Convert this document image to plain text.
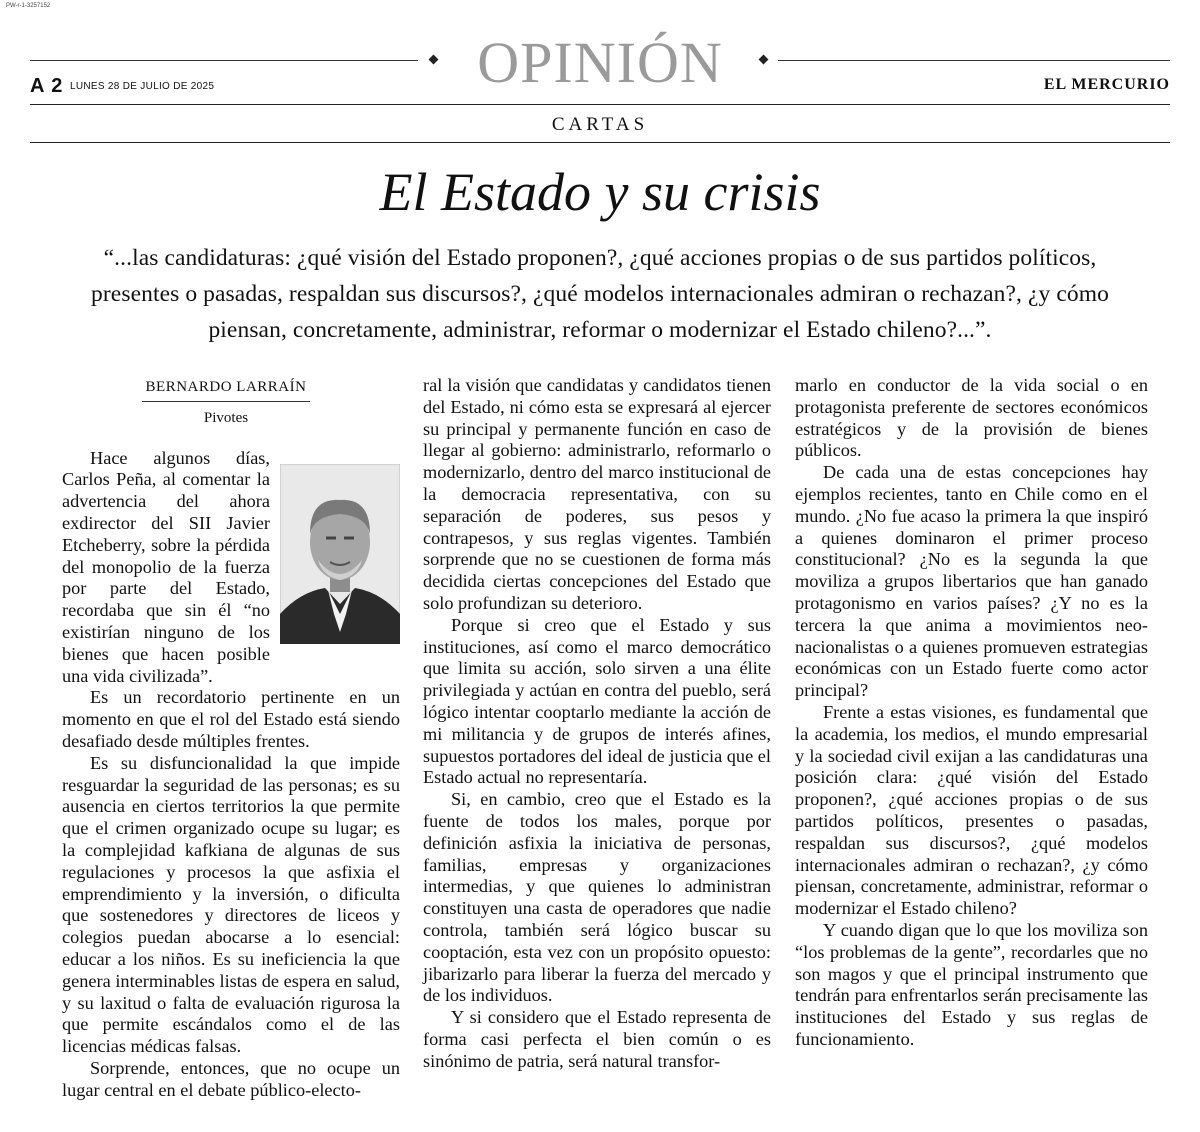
PW-r-1-3257152
OPINIÓN
A 2 LUNES 28 DE JULIO DE 2025	EL MERCURIO
CARTAS
El Estado y su crisis
“...las candidaturas: ¿qué visión del Estado proponen?, ¿qué acciones propias o de sus partidos políticos, presentes o pasadas, respaldan sus discursos?, ¿qué modelos internacionales admiran o rechazan?, ¿y cómo piensan, concretamente, administrar, reformar o modernizar el Estado chileno?...”.
BERNARDO LARRAÍN
Pivotes

Hace algunos días, Carlos Peña, al comentar la advertencia del ahora exdirector del SII Javier Etcheberry, sobre la pérdida del monopolio de la fuerza por parte del Estado, recordaba que sin él “no existirían ninguno de los bienes que hacen posible una vida civilizada”.

Es un recordatorio pertinente en un momento en que el rol del Estado está siendo desafiado desde múltiples frentes.

Es su disfuncionalidad la que impide resguardar la seguridad de las personas; es su ausencia en ciertos territorios la que permite que el crimen organizado ocupe su lugar; es la complejidad kafkiana de algunas de sus regulaciones y procesos la que asfixia el emprendimiento y la inversión, o dificulta que sostenedores y directores de liceos y colegios puedan abocarse a lo esencial: educar a los niños. Es su ineficiencia la que genera interminables listas de espera en salud, y su laxitud o falta de evaluación rigurosa la que permite escándalos como el de las licencias médicas falsas.

Sorprende, entonces, que no ocupe un lugar central en el debate público-electo-

ral la visión que candidatas y candidatos tienen del Estado, ni cómo esta se expresará al ejercer su principal y permanente función en caso de llegar al gobierno: administrarlo, reformarlo o modernizarlo, dentro del marco institucional de la democracia representativa, con su separación de poderes, sus pesos y contrapesos, y sus reglas vigentes. También sorprende que no se cuestionen de forma más decidida ciertas concepciones del Estado que solo profundizan su deterioro.

Porque si creo que el Estado y sus instituciones, así como el marco democrático que limita su acción, solo sirven a una élite privilegiada y actúan en contra del pueblo, será lógico intentar cooptarlo mediante la acción de mi militancia y de grupos de interés afines, supuestos portadores del ideal de justicia que el Estado actual no representaría.

Si, en cambio, creo que el Estado es la fuente de todos los males, porque por definición asfixia la iniciativa de personas, familias, empresas y organizaciones intermedias, y que quienes lo administran constituyen una casta de operadores que nadie controla, también será lógico buscar su cooptación, esta vez con un propósito opuesto: jibarizarlo para liberar la fuerza del mercado y de los individuos.

Y si considero que el Estado representa de forma casi perfecta el bien común o es sinónimo de patria, será natural transfor-

marlo en conductor de la vida social o en protagonista preferente de sectores económicos estratégicos y de la provisión de bienes públicos.

De cada una de estas concepciones hay ejemplos recientes, tanto en Chile como en el mundo. ¿No fue acaso la primera la que inspiró a quienes dominaron el primer proceso constitucional? ¿No es la segunda la que moviliza a grupos libertarios que han ganado protagonismo en varios países? ¿Y no es la tercera la que anima a movimientos neo-nacionalistas o a quienes promueven estrategias económicas con un Estado fuerte como actor principal?

Frente a estas visiones, es fundamental que la academia, los medios, el mundo empresarial y la sociedad civil exijan a las candidaturas una posición clara: ¿qué visión del Estado proponen?, ¿qué acciones propias o de sus partidos políticos, presentes o pasadas, respaldan sus discursos?, ¿qué modelos internacionales admiran o rechazan?, ¿y cómo piensan, concretamente, administrar, reformar o modernizar el Estado chileno?

Y cuando digan que lo que los moviliza son “los problemas de la gente”, recordarles que no son magos y que el principal instrumento que tendrán para enfrentarlos serán precisamente las instituciones del Estado y sus reglas de funcionamiento.
